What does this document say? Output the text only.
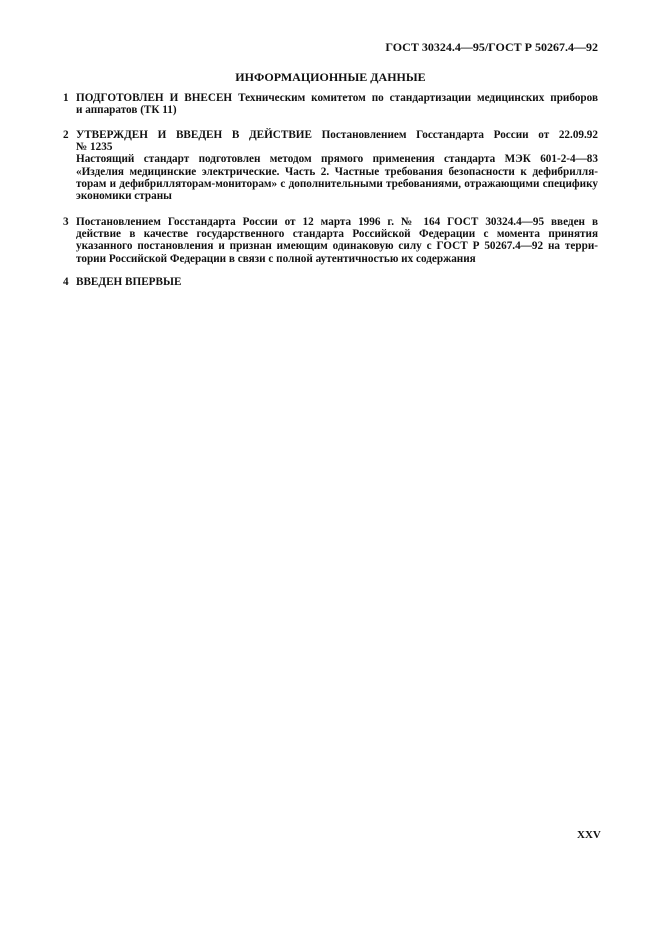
ГОСТ 30324.4—95/ГОСТ Р 50267.4—92
ИНФОРМАЦИОННЫЕ ДАННЫЕ
1 ПОДГОТОВЛЕН И ВНЕСЕН Техническим комитетом по стандартизации медицинских приборов
и аппаратов (ТК 11)
2 УТВЕРЖДЕН И ВВЕДЕН В ДЕЙСТВИЕ Постановлением Госстандарта России от 22.09.92
№ 1235
Настоящий стандарт подготовлен методом прямого применения стандарта МЭК 601-2-4—83
«Изделия медицинские электрические. Часть 2. Частные требования безопасности к дефибрилля-
торам и дефибрилляторам-мониторам» с дополнительными требованиями, отражающими специфику
экономики страны
3 Постановлением Госстандарта России от 12 марта 1996 г. № 164 ГОСТ 30324.4—95 введен в
действие в качестве государственного стандарта Российской Федерации с момента принятия
указанного постановления и признан имеющим одинаковую силу с ГОСТ Р 50267.4—92 на терри-
тории Российской Федерации в связи с полной аутентичностью их содержания
4 ВВЕДЕН ВПЕРВЫЕ
XXV
